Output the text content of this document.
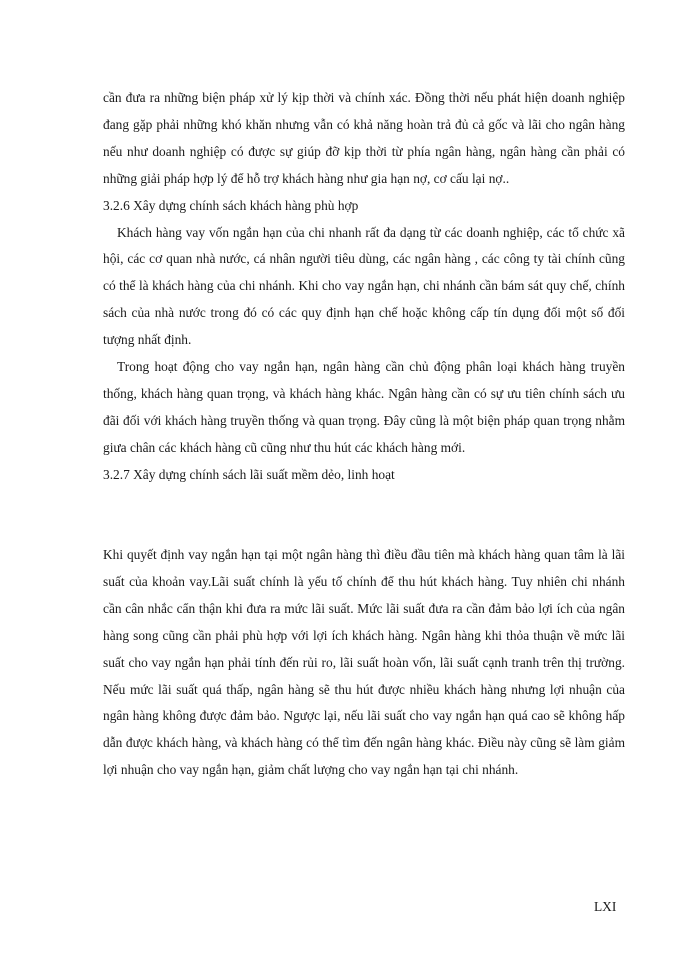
cần đưa ra những biện pháp xử lý kịp thời và chính xác. Đồng thời nếu phát hiện doanh nghiệp đang gặp phải những khó khăn nhưng vẫn có khả năng hoàn trả đủ cả gốc và lãi cho ngân hàng nếu như doanh nghiệp có được sự giúp đỡ kịp thời từ phía ngân hàng, ngân hàng cần phải có những giải pháp hợp lý để hỗ trợ khách hàng như gia hạn nợ, cơ cấu lại nợ..

3.2.6 Xây dựng chính sách khách hàng phù hợp

Khách hàng vay vốn ngắn hạn của chi nhanh rất đa dạng từ các doanh nghiệp, các tổ chức xã hội, các cơ quan nhà nước, cá nhân người tiêu dùng, các ngân hàng , các công ty tài chính cũng có thể là khách hàng của chi nhánh. Khi cho vay ngắn hạn, chi nhánh cần bám sát quy chế, chính sách của nhà nước trong đó có các quy định hạn chế hoặc không cấp tín dụng đối một số đối tượng nhất định.

Trong hoạt động cho vay ngắn hạn, ngân hàng cần chủ động phân loại khách hàng truyền thống, khách hàng quan trọng, và khách hàng khác. Ngân hàng cần có sự ưu tiên chính sách ưu đãi đối với khách hàng truyền thống và quan trọng. Đây cũng là một biện pháp quan trọng nhằm giưa chân các khách hàng cũ cũng như thu hút các khách hàng mới.

3.2.7 Xây dựng chính sách lãi suất mềm dẻo, linh hoạt

Khi quyết định vay ngắn hạn tại một ngân hàng thì điều đầu tiên mà khách hàng quan tâm là lãi suất của khoản vay.Lãi suất chính là yếu tố chính để thu hút khách hàng. Tuy nhiên chi nhánh cần cân nhắc cẩn thận khi đưa ra mức lãi suất. Mức lãi suất đưa ra cần đảm bảo lợi ích của ngân hàng song cũng cần phải phù hợp với lợi ích khách hàng. Ngân hàng khi thỏa thuận về mức lãi suất cho vay ngắn hạn phải tính đến rủi ro, lãi suất hoàn vốn, lãi suất cạnh tranh trên thị trường. Nếu mức lãi suất quá thấp, ngân hàng sẽ thu hút được nhiều khách hàng nhưng lợi nhuận của ngân hàng không được đảm bảo. Ngược lại, nếu lãi suất cho vay ngắn hạn quá cao sẽ không hấp dẫn được khách hàng, và khách hàng có thể tìm đến ngân hàng khác. Điều này cũng sẽ làm giảm lợi nhuận cho vay ngắn hạn, giảm chất lượng cho vay ngắn hạn tại chi nhánh.

LXI
